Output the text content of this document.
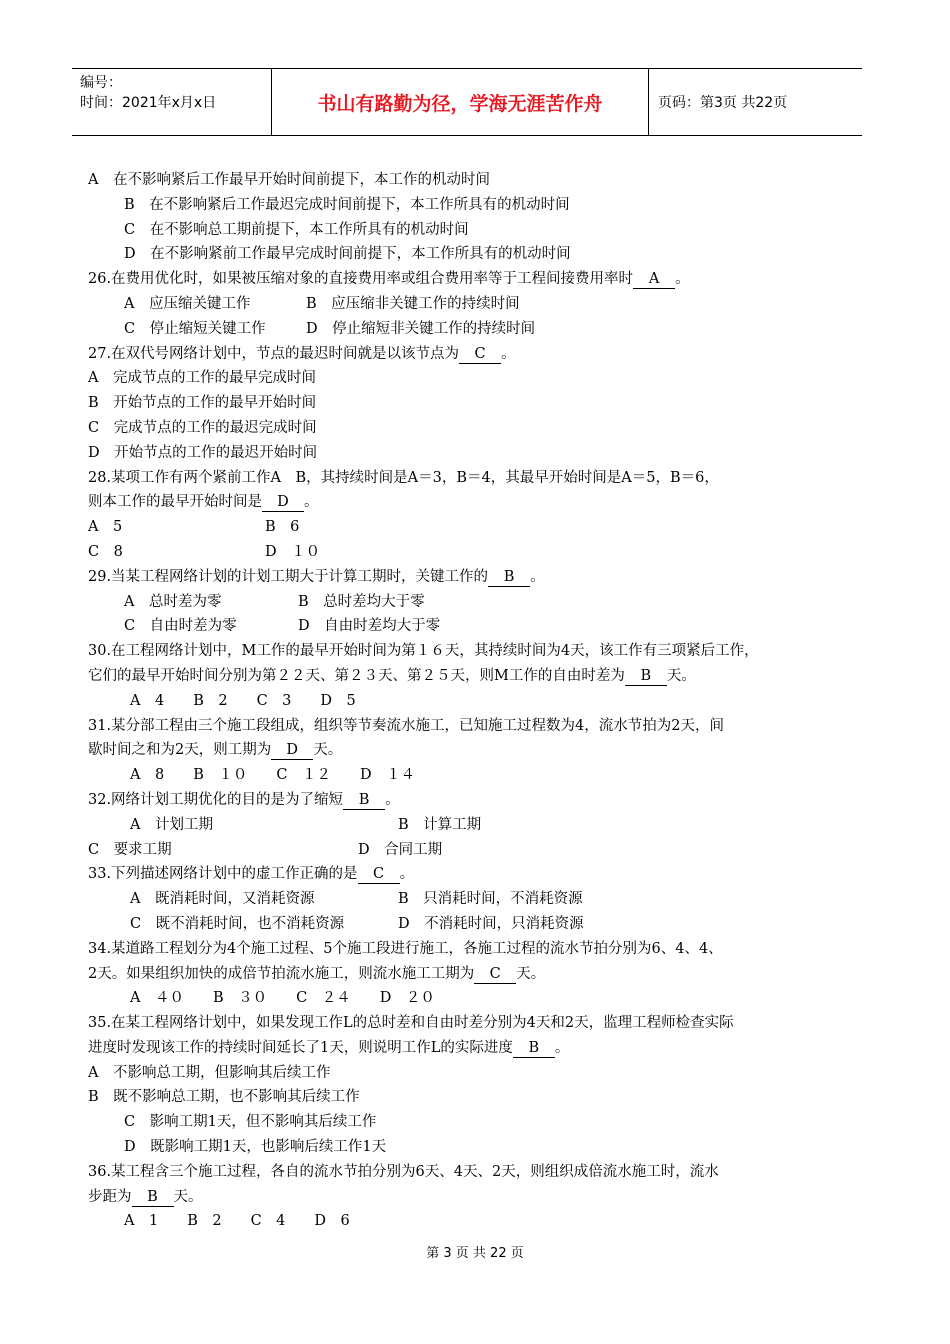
编号：
时间：2021年x月x日	书山有路勤为径，学海无涯苦作舟	页码：第3页 共22页
A　在不影响紧后工作最早开始时间前提下，本工作的机动时间
B　在不影响紧后工作最迟完成时间前提下，本工作所具有的机动时间
C　在不影响总工期前提下，本工作所具有的机动时间
D　在不影响紧前工作最早完成时间前提下，本工作所具有的机动时间
26.在费用优化时，如果被压缩对象的直接费用率或组合费用率等于工程间接费用率时 A 。
A　应压缩关键工作	B　应压缩非关键工作的持续时间
C　停止缩短关键工作	D　停止缩短非关键工作的持续时间
27.在双代号网络计划中，节点的最迟时间就是以该节点为 C 。
A　完成节点的工作的最早完成时间
B　开始节点的工作的最早开始时间
C　完成节点的工作的最迟完成时间
D　开始节点的工作的最迟开始时间
28.某项工作有两个紧前工作A　B，其持续时间是A＝3，B＝4，其最早开始时间是A＝5，B＝6，
则本工作的最早开始时间是 D 。
A　5	B　6
C　8	D　１０
29.当某工程网络计划的计划工期大于计算工期时，关键工作的 B 。
A　总时差为零	B　总时差均大于零
C　自由时差为零	D　自由时差均大于零
30.在工程网络计划中，M工作的最早开始时间为第１６天，其持续时间为4天，该工作有三项紧后工作，
它们的最早开始时间分别为第２２天、第２３天、第２５天，则M工作的自由时差为 B 天。
A　4　　B　2　　C　3　　D　5
31.某分部工程由三个施工段组成，组织等节奏流水施工，已知施工过程数为4，流水节拍为2天，间
歇时间之和为2天，则工期为 D 天。
A　8　　B　１０　　C　１２　　D　１４
32.网络计划工期优化的目的是为了缩短 B 。
A　计划工期	B　计算工期
C　要求工期	D　合同工期
33.下列描述网络计划中的虚工作正确的是 C 。
A　既消耗时间，又消耗资源	B　只消耗时间，不消耗资源
C　既不消耗时间，也不消耗资源	D　不消耗时间，只消耗资源
34.某道路工程划分为4个施工过程、5个施工段进行施工，各施工过程的流水节拍分别为6、4、4、
2天。如果组织加快的成倍节拍流水施工，则流水施工工期为 C 天。
A　４０　　B　３０　　C　２４　　D　２０
35.在某工程网络计划中，如果发现工作L的总时差和自由时差分别为4天和2天，监理工程师检查实际
进度时发现该工作的持续时间延长了1天，则说明工作L的实际进度 B 。
A　不影响总工期，但影响其后续工作
B　既不影响总工期，也不影响其后续工作
C　影响工期1天，但不影响其后续工作
D　既影响工期1天，也影响后续工作1天
36.某工程含三个施工过程，各自的流水节拍分别为6天、4天、2天，则组织成倍流水施工时，流水
步距为 B 天。
A　1　　B　2　　C　4　　D　6
第 3 页 共 22 页
